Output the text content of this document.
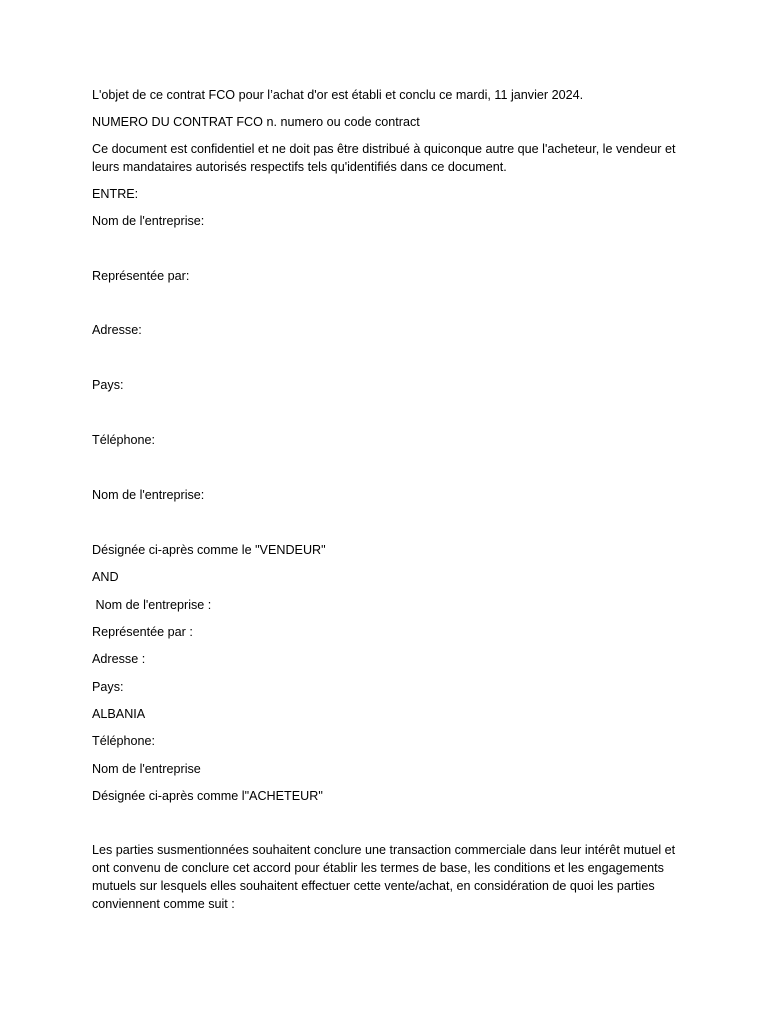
L'objet de ce contrat FCO pour l’achat d'or est établi et conclu ce mardi, 11 janvier 2024.
NUMERO DU CONTRAT FCO n. numero ou code contract
Ce document est confidentiel et ne doit pas être distribué à quiconque autre que l'acheteur, le vendeur et leurs mandataires autorisés respectifs tels qu'identifiés dans ce document.
ENTRE:
Nom de l'entreprise:
Représentée par:
Adresse:
Pays:
Téléphone:
Nom de l'entreprise:
Désignée ci-après comme le "VENDEUR"
AND
Nom de l'entreprise :
Représentée par :
Adresse :
Pays:
ALBANIA
Téléphone:
Nom de l'entreprise
Désignée ci-après comme l"ACHETEUR"
Les parties susmentionnées souhaitent conclure une transaction commerciale dans leur intérêt mutuel et ont convenu de conclure cet accord pour établir les termes de base, les conditions et les engagements mutuels sur lesquels elles souhaitent effectuer cette vente/achat, en considération de quoi les parties conviennent comme suit :
